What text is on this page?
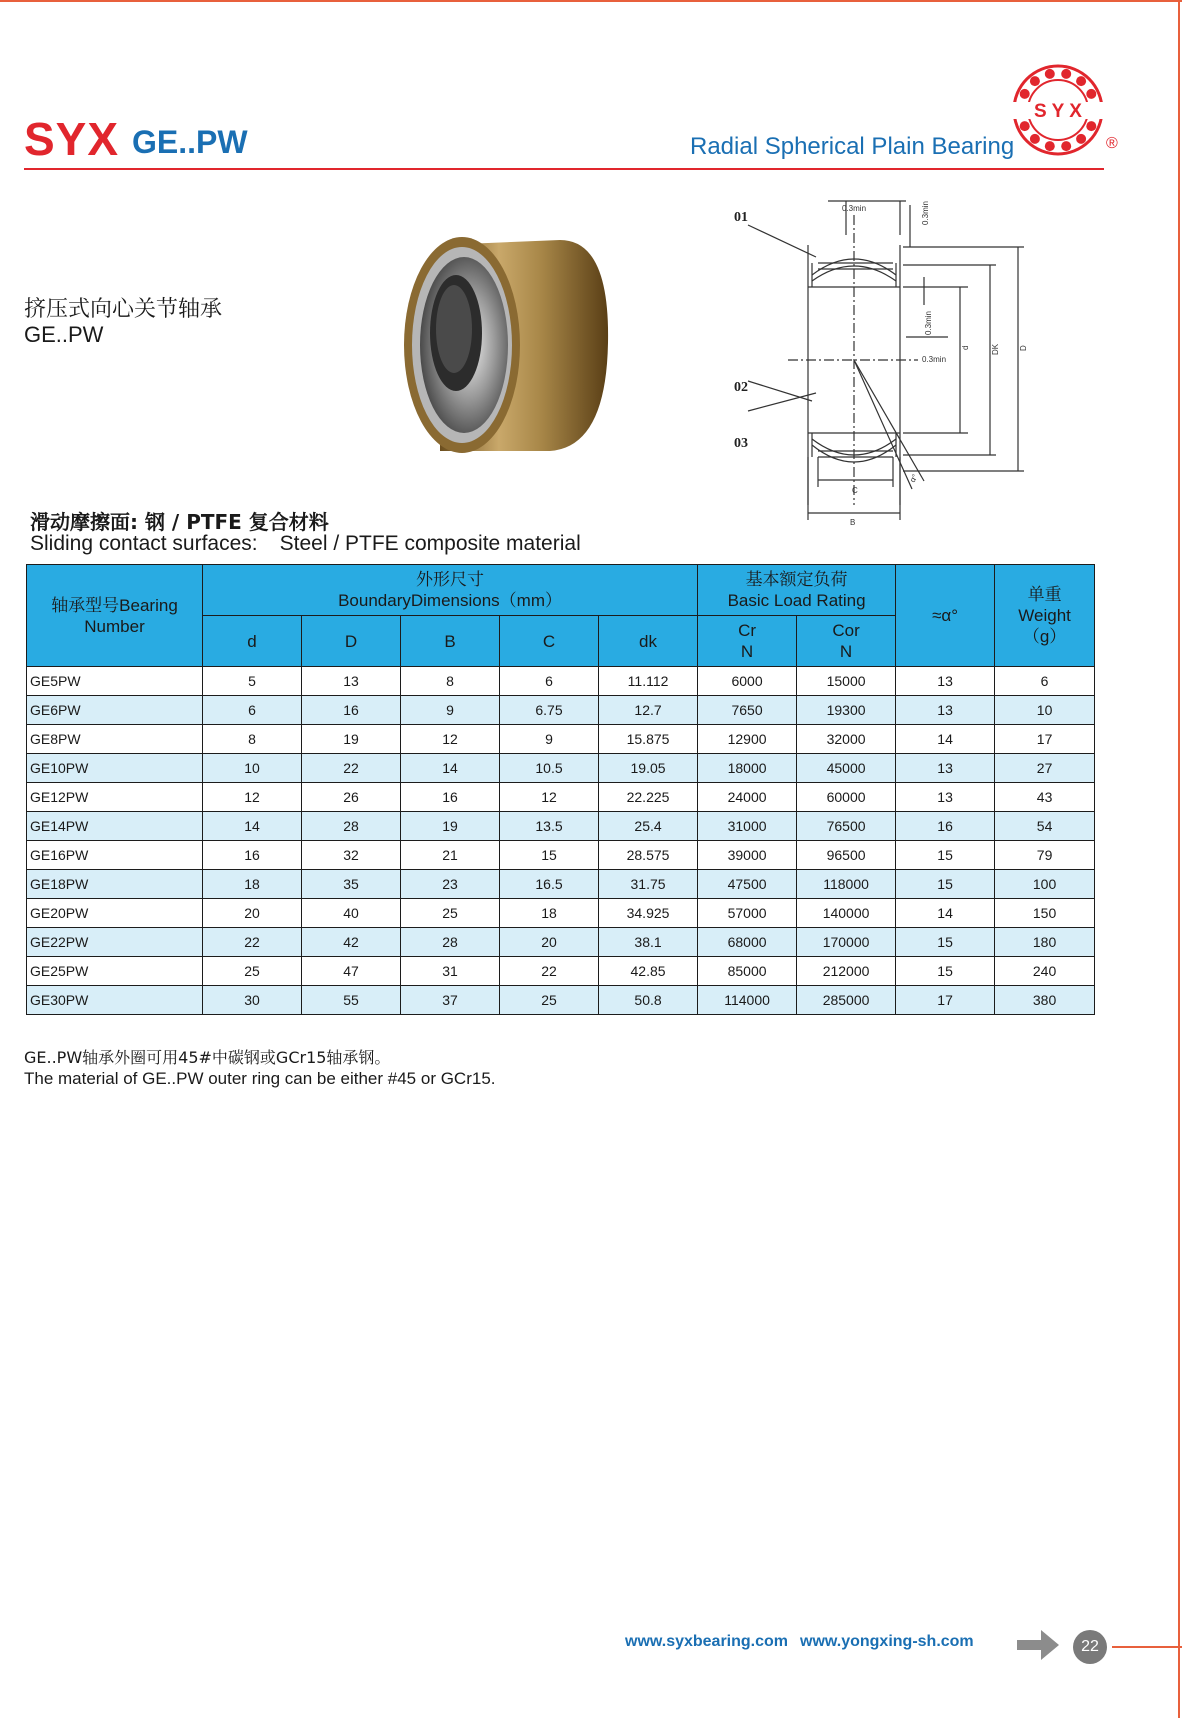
SYX GE..PW	Radial Spherical Plain Bearing
S Y X
®
挤压式向心关节轴承
GE..PW
01
02
03
0.3min	0.3min
0.3min
0.3min
d	DK D
C
B
α°
滑动摩擦面: 钢 / PTFE 复合材料
Sliding contact surfaces: Steel / PTFE composite material
轴承型号Bearing
Number	外形尺寸
BoundaryDimensions（mm）					基本额定负荷
Basic Load Rating		≈α°	单重
Weight
（g）
	d	D	B	C	dk	Cr
N	Cor
N		
GE5PW	5	13	8	6	11.112	6000	15000	13	6
GE6PW	6	16	9	6.75	12.7	7650	19300	13	10
GE8PW	8	19	12	9	15.875	12900	32000	14	17
GE10PW	10	22	14	10.5	19.05	18000	45000	13	27
GE12PW	12	26	16	12	22.225	24000	60000	13	43
GE14PW	14	28	19	13.5	25.4	31000	76500	16	54
GE16PW	16	32	21	15	28.575	39000	96500	15	79
GE18PW	18	35	23	16.5	31.75	47500	118000	15	100
GE20PW	20	40	25	18	34.925	57000	140000	14	150
GE22PW	22	42	28	20	38.1	68000	170000	15	180
GE25PW	25	47	31	22	42.85	85000	212000	15	240
GE30PW	30	55	37	25	50.8	114000	285000	17	380
GE..PW轴承外圈可用45#中碳钢或GCr15轴承钢。
The material of GE..PW outer ring can be either #45 or GCr15.
www.syxbearing.com www.yongxing-sh.com	22
